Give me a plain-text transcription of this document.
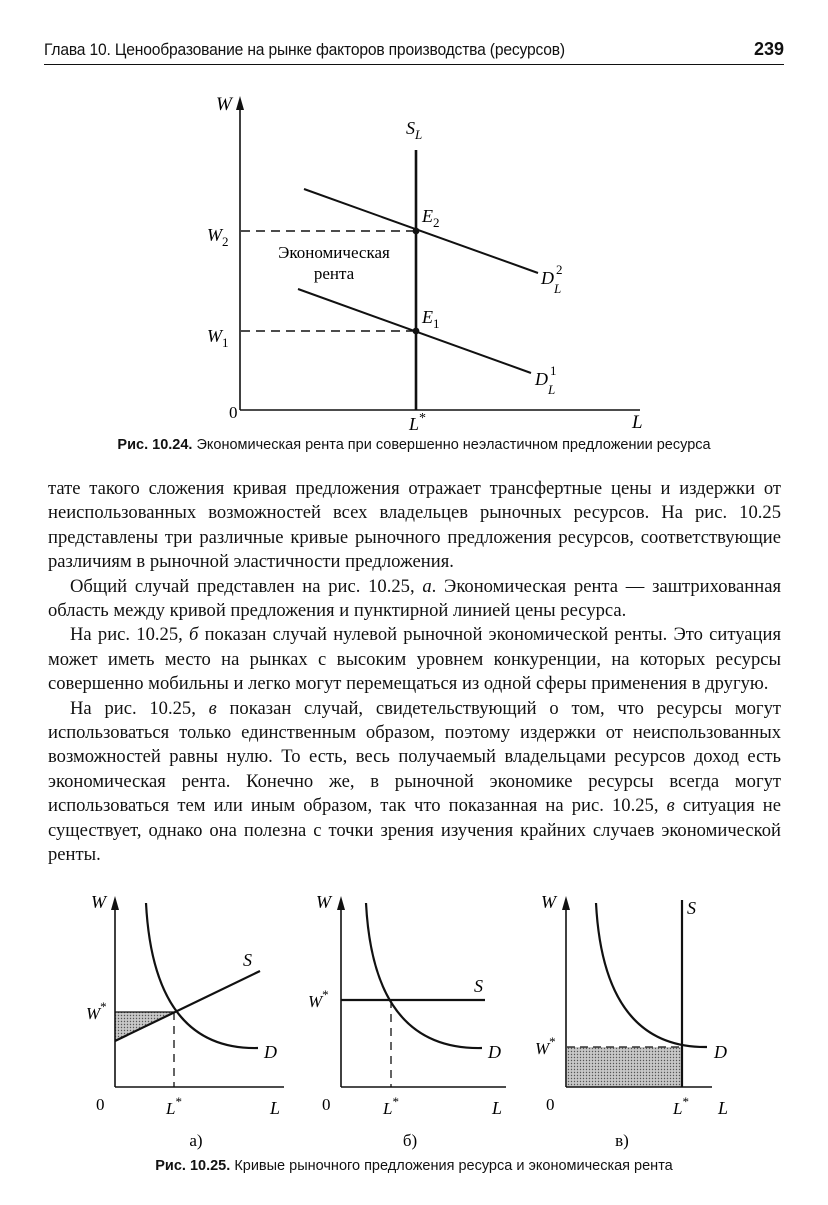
Глава 10. Ценообразование на рынке факторов производства (ресурсов)	239
W
L
0
$S_L$
$W_2$
$W_1$
$E_2$
$E_1$
D 2
L
D 1
L
L*
Экономическая
рента
Рис. 10.24. Экономическая рента при совершенно неэластичном предложении ресурса

тате такого сложения кривая предложения отражает трансфертные цены и издержки от неиспользованных возможностей всех владельцев рыночных ресурсов. На рис. 10.25 представлены три различные кривые рыночного предложения ресурсов, соответствующие различиям в рыночной эластичности предложения.

Общий случай представлен на рис. 10.25, а. Экономическая рента — заштрихованная область между кривой предложения и пунктирной линией цены ресурса.

На рис. 10.25, б показан случай нулевой рыночной экономической ренты. Это ситуация может иметь место на рынках с высоким уровнем конкуренции, на которых ресурсы совершенно мобильны и легко могут перемещаться из одной сферы применения в другую.

На рис. 10.25, в показан случай, свидетельствующий о том, что ресурсы могут использоваться только единственным образом, поэтому издержки от неиспользованных возможностей равны нулю. То есть, весь получаемый владельцами ресурсов доход есть экономическая рента. Конечно же, в рыночной экономике ресурсы всегда могут использоваться тем или иным образом, так что показанная на рис. 10.25, в ситуация не существует, однако она полезна с точки зрения изучения крайних случаев экономической ренты.

W
W*
S
D
0	L*	L
а)
W
W*	S
D
0	L*	L
б)
W
W*
S
D
0	L* L
в)
Рис. 10.25. Кривые рыночного предложения ресурса и экономическая рента
